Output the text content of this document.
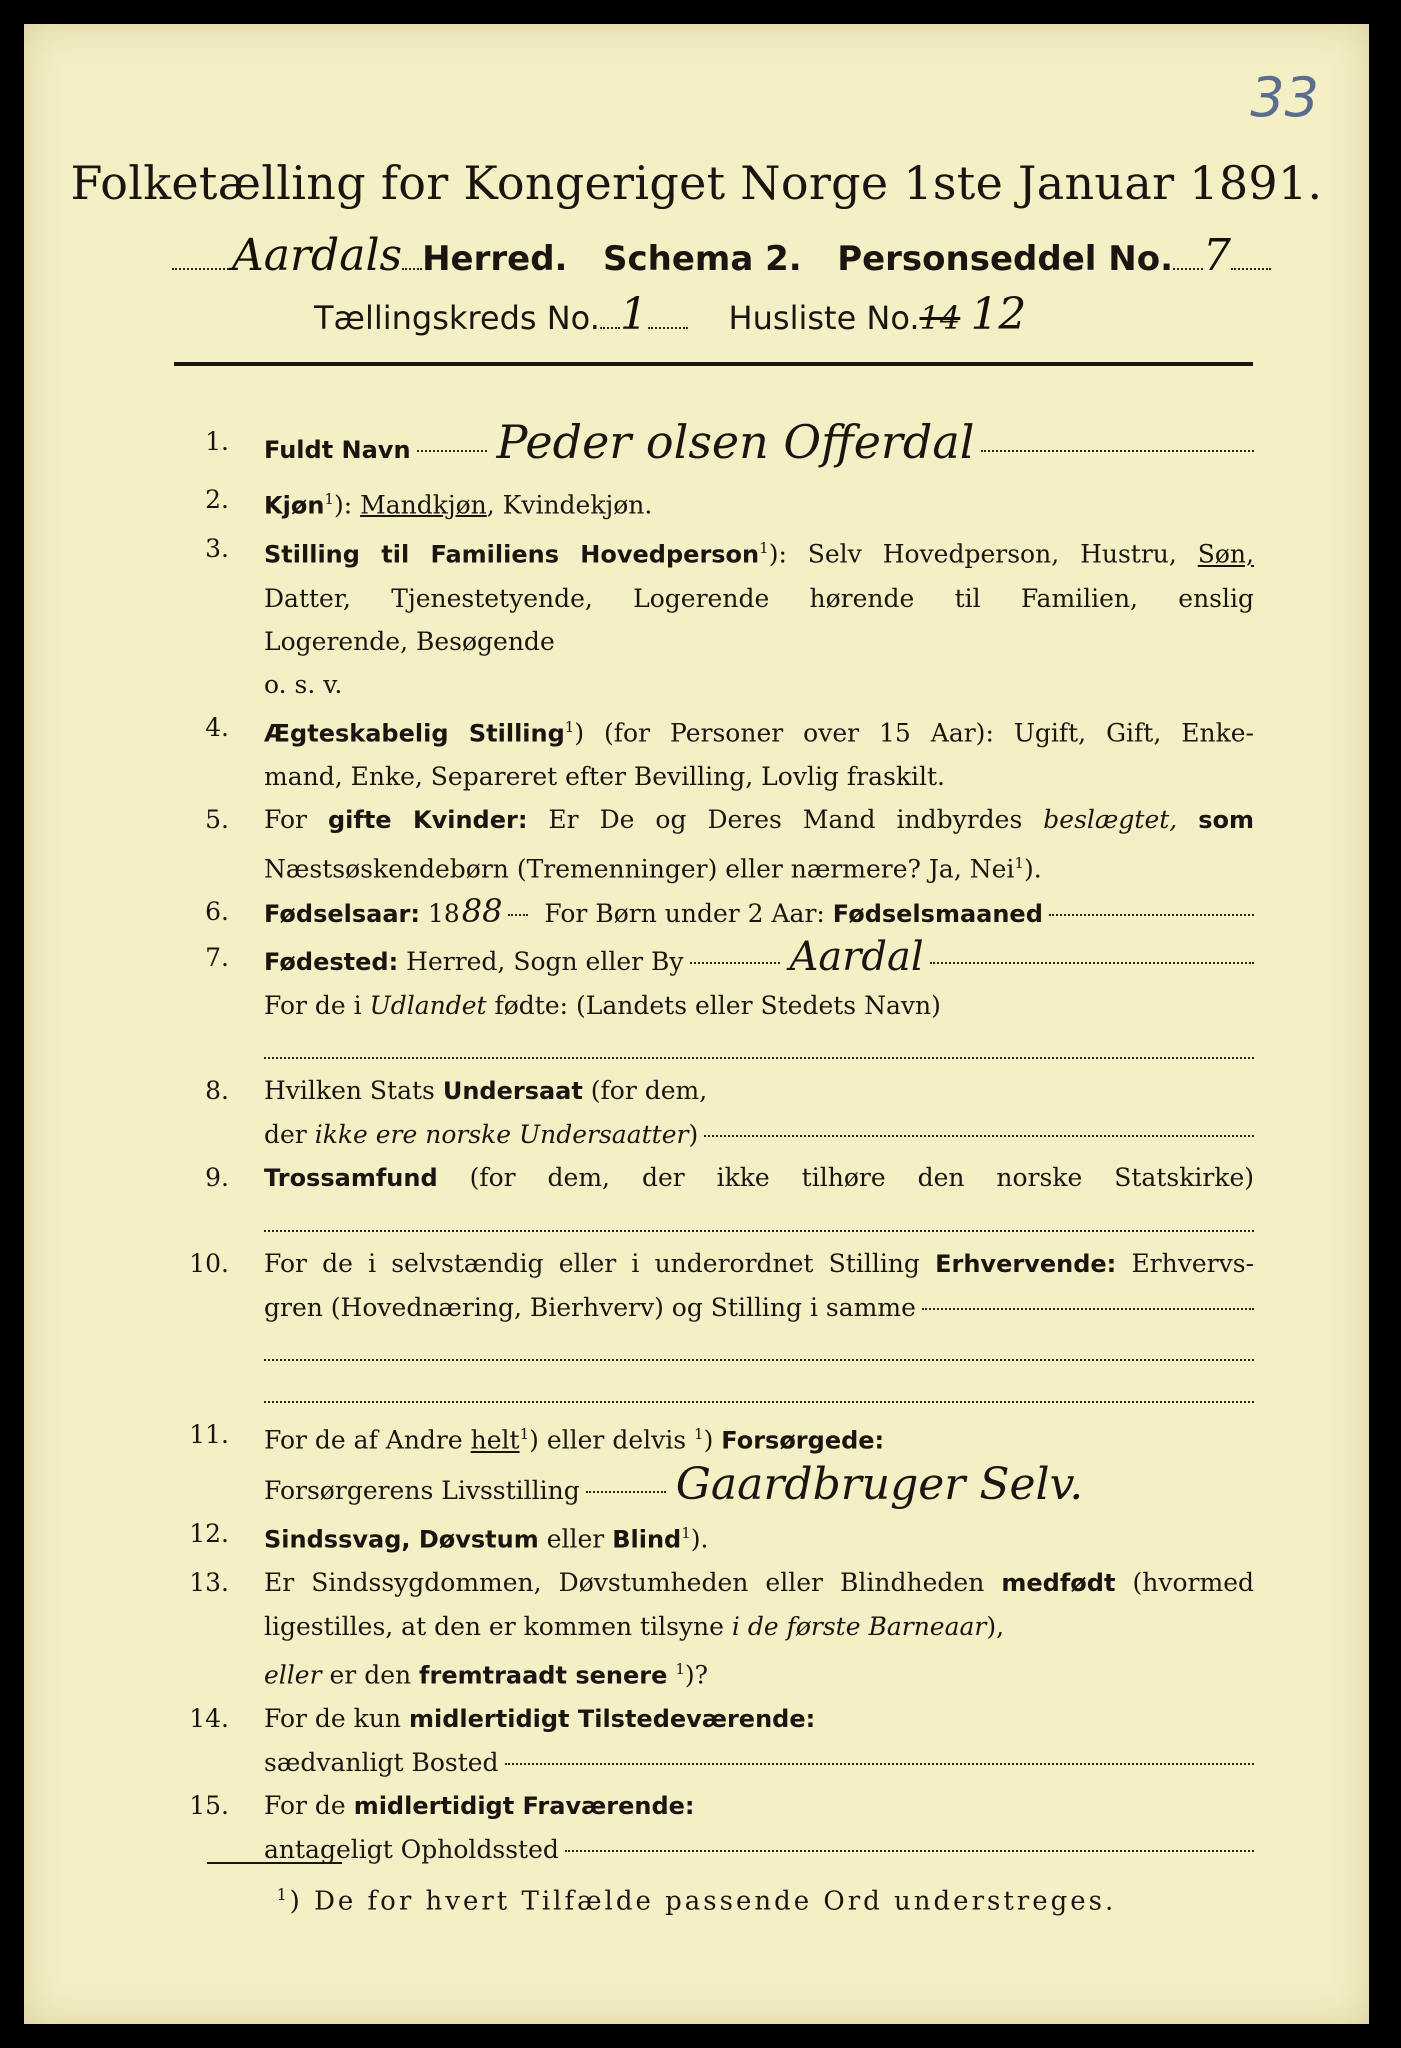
33
Folketælling for Kongeriget Norge 1ste Januar 1891.
Aardals Herred. Schema 2. Personseddel No. 7
Tællingskreds No. 1	Husliste No.14 12
1. Fuldt Navn Peder olsen Offerdal
2. Kjøn$^1$): Mandkjøn, Kvindekjøn.
3. Stilling til Familiens Hovedperson$^1$): Selv Hovedperson, Hustru, Søn,
Datter, Tjenestetyende, Logerende hørende til Familien, enslig
Logerende, Besøgende
o. s. v.
4. Ægteskabelig Stilling$^1$) (for Personer over 15 Aar): Ugift, Gift, Enke-
mand, Enke, Separeret efter Bevilling, Lovlig fraskilt.
5. For gifte Kvinder: Er De og Deres Mand indbyrdes beslægtet, som
Næstsøskendebørn (Tremenninger) eller nærmere? Ja, Nei$^1$).
6. Fødselsaar:
18 88
For Børn under 2 Aar:
Fødselsmaaned
7. Fødested:
Herred, Sogn eller By	Aardal
For de i Udlandet fødte: (Landets eller Stedets Navn)
8. Hvilken Stats Undersaat (for dem,
der
ikke ere norske Undersaatter )
9. Trossamfund (for dem, der ikke tilhøre den norske Statskirke)
10. For de i selvstændig eller i underordnet Stilling Erhvervende: Erhvervs-
gren (Hovednæring, Bierhverv) og Stilling i samme
11. For de af Andre helt$^1$) eller delvis $^1$) Forsørgede:
Forsørgerens Livsstilling Gaardbruger Selv.
12. Sindssvag, Døvstum eller Blind$^1$).
13. Er Sindssygdommen, Døvstumheden eller Blindheden medfødt (hvormed
ligestilles, at den er kommen tilsyne i de første Barneaar),
eller er den fremtraadt senere $^1$)?
14. For de kun midlertidigt Tilstedeværende:
sædvanligt Bosted
15. For de midlertidigt Fraværende:
antageligt Opholdssted
$^1$) De for hvert Tilfælde passende Ord understreges.
